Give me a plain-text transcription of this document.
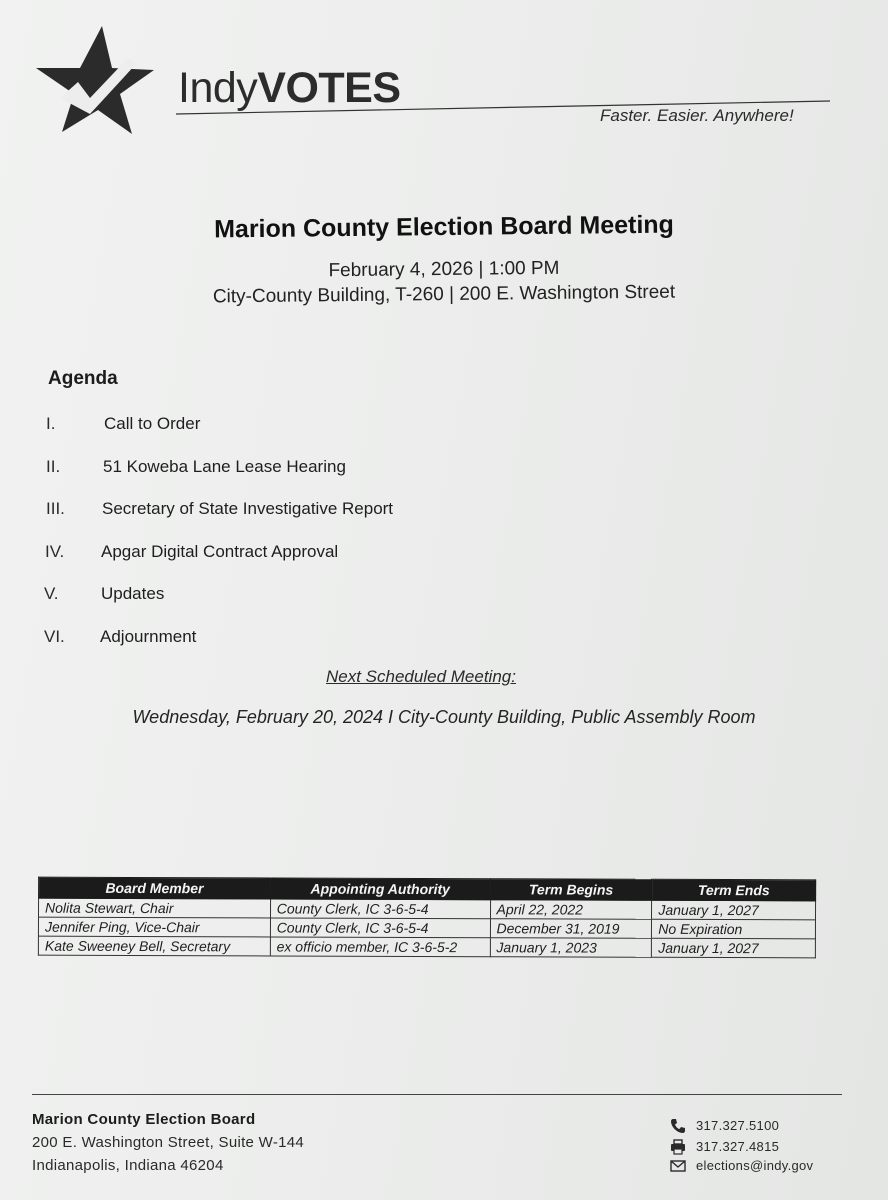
IndyVOTES
Faster. Easier. Anywhere!
Marion County Election Board Meeting
February 4, 2026 | 1:00 PM
City-County Building, T-260 | 200 E. Washington Street
Agenda
I.	Call to Order
II.	51 Koweba Lane Lease Hearing
III. Secretary of State Investigative Report
IV. Apgar Digital Contract Approval
V. Updates
VI. Adjournment
Next Scheduled Meeting:
Wednesday, February 20, 2024 I City-County Building, Public Assembly Room
Board Member	Appointing Authority	Term Begins	Term Ends
Nolita Stewart, Chair	County Clerk, IC 3-6-5-4	April 22, 2022	January 1, 2027
Jennifer Ping, Vice-Chair	County Clerk, IC 3-6-5-4	December 31, 2019	No Expiration
Kate Sweeney Bell, Secretary	ex officio member, IC 3-6-5-2	January 1, 2023	January 1, 2027
Marion County Election Board
200 E. Washington Street, Suite W-144
Indianapolis, Indiana 46204
317.327.5100
317.327.4815
elections@indy.gov
